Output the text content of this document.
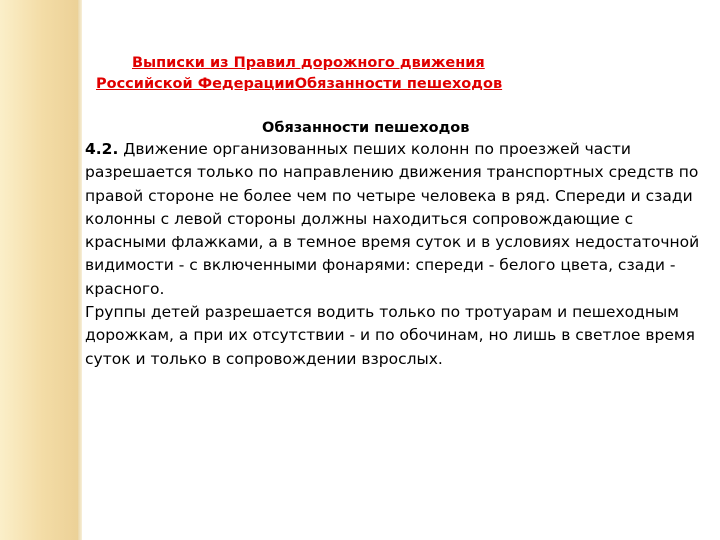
Выписки из Правил дорожного движения
Российской ФедерацииОбязанности пешеходов
Обязанности пешеходов

4.2. Движение организованных пеших колонн по проезжей части разрешается только по направлению движения транспортных средств по правой стороне не более чем по четыре человека в ряд. Спереди и сзади колонны с левой стороны должны находиться сопровождающие с красными флажками, а в темное время суток и в условиях недостаточной видимости - с включенными фонарями: спереди - белого цвета, сзади - красного.

Группы детей разрешается водить только по тротуарам и пешеходным дорожкам, а при их отсутствии - и по обочинам, но лишь в светлое время суток и только в сопровождении взрослых.
